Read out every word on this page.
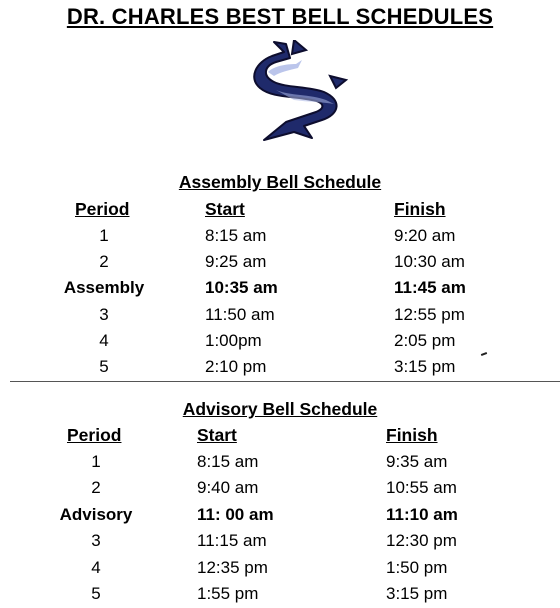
DR. CHARLES BEST BELL SCHEDULES
Assembly Bell Schedule
Period	Start	Finish
1	8:15 am	9:20 am
2	9:25 am	10:30 am
Assembly	10:35 am	11:45 am
3	11:50 am	12:55 pm
4	1:00pm	2:05 pm
5	2:10 pm	3:15 pm
Advisory Bell Schedule
Period	Start	Finish
1	8:15 am	9:35 am
2	9:40 am	10:55 am
Advisory	11: 00 am	11:10 am
3	11:15 am	12:30 pm
4	12:35 pm	1:50 pm
5	1:55 pm	3:15 pm
